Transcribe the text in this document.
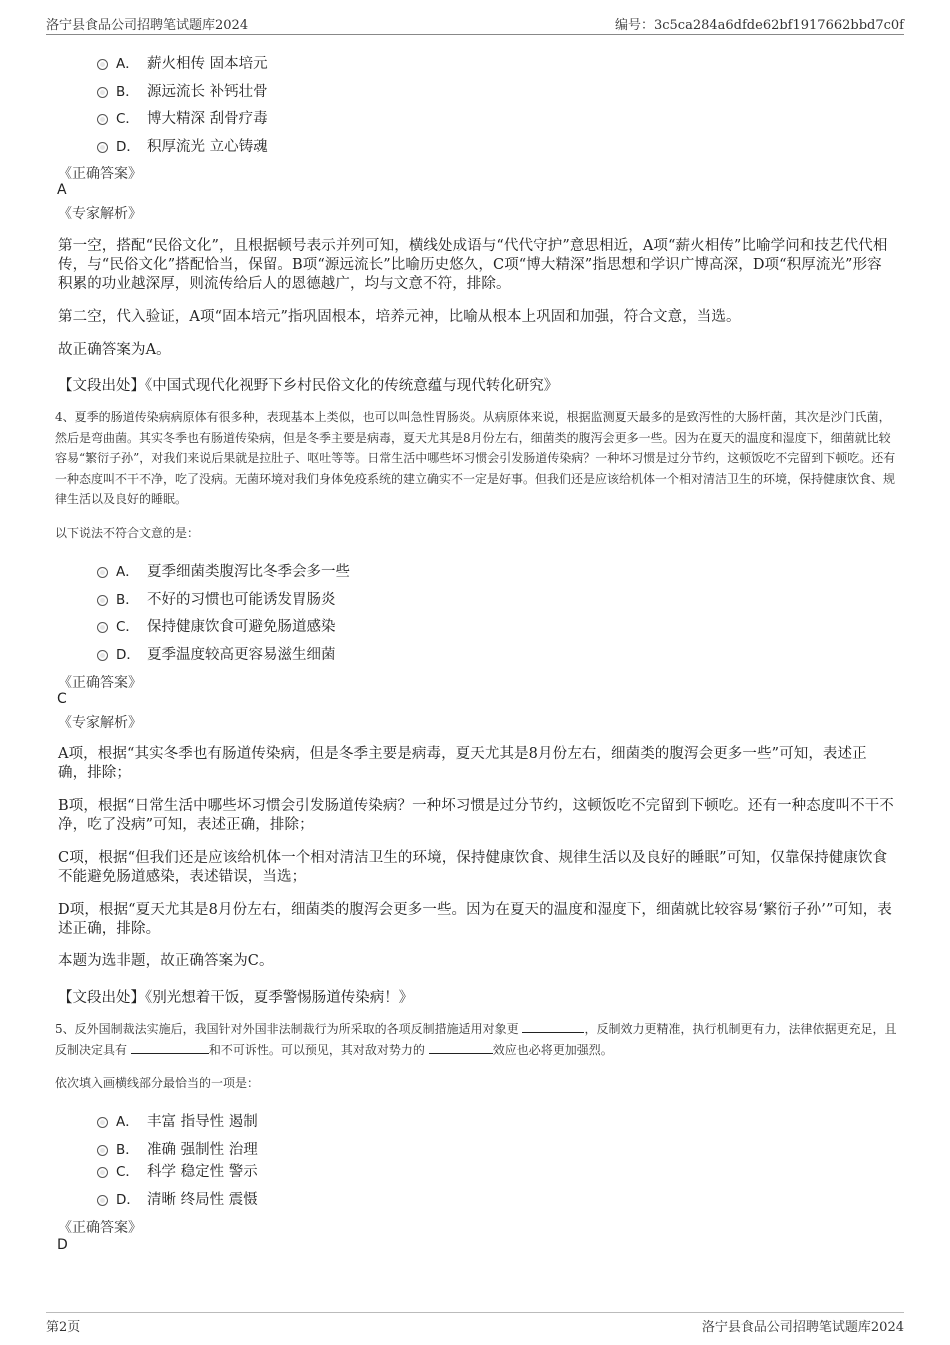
洛宁县食品公司招聘笔试题库2024	编号：3c5ca284a6dfde62bf1917662bbd7c0f
A． 薪火相传 固本培元
B． 源远流长 补钙壮骨
C． 博大精深 刮骨疗毒
D． 积厚流光 立心铸魂
《正确答案》
A
《专家解析》
第一空，搭配“民俗文化”，且根据顿号表示并列可知，横线处成语与“代代守护”意思相近，A项“薪火相传”比喻学问和技艺代代相传，与“民俗文化”搭配恰当，保留。B项“源远流长”比喻历史悠久，C项“博大精深”指思想和学识广博高深，D项“积厚流光”形容积累的功业越深厚，则流传给后人的恩德越广，均与文意不符，排除。
第二空，代入验证，A项“固本培元”指巩固根本，培养元神，比喻从根本上巩固和加强，符合文意，当选。
故正确答案为A。
【文段出处】《中国式现代化视野下乡村民俗文化的传统意蕴与现代转化研究》
4、夏季的肠道传染病病原体有很多种，表现基本上类似，也可以叫急性胃肠炎。从病原体来说，根据监测夏天最多的是致泻性的大肠杆菌，其次是沙门氏菌，然后是弯曲菌。其实冬季也有肠道传染病，但是冬季主要是病毒，夏天尤其是8月份左右，细菌类的腹泻会更多一些。因为在夏天的温度和湿度下，细菌就比较容易“繁衍子孙”，对我们来说后果就是拉肚子、呕吐等等。日常生活中哪些坏习惯会引发肠道传染病？一种坏习惯是过分节约，这顿饭吃不完留到下顿吃。还有一种态度叫不干不净，吃了没病。无菌环境对我们身体免疫系统的建立确实不一定是好事。但我们还是应该给机体一个相对清洁卫生的环境，保持健康饮食、规律生活以及良好的睡眠。
以下说法不符合文意的是：
A． 夏季细菌类腹泻比冬季会多一些
B． 不好的习惯也可能诱发胃肠炎
C． 保持健康饮食可避免肠道感染
D． 夏季温度较高更容易滋生细菌
《正确答案》
C
《专家解析》
A项，根据“其实冬季也有肠道传染病，但是冬季主要是病毒，夏天尤其是8月份左右，细菌类的腹泻会更多一些”可知，表述正确，排除；
B项，根据“日常生活中哪些坏习惯会引发肠道传染病？一种坏习惯是过分节约，这顿饭吃不完留到下顿吃。还有一种态度叫不干不净，吃了没病”可知，表述正确，排除；
C项，根据“但我们还是应该给机体一个相对清洁卫生的环境，保持健康饮食、规律生活以及良好的睡眠”可知，仅靠保持健康饮食不能避免肠道感染，表述错误，当选；
D项，根据“夏天尤其是8月份左右，细菌类的腹泻会更多一些。因为在夏天的温度和湿度下，细菌就比较容易‘繁衍子孙’”可知，表述正确，排除。
本题为选非题，故正确答案为C。
【文段出处】《别光想着干饭，夏季警惕肠道传染病！》
5、反外国制裁法实施后，我国针对外国非法制裁行为所采取的各项反制措施适用对象更	，反制效力更精准，执行机制更有力，法律依据更充足，且反制决定具有	和不可诉性。可以预见，其对敌对势力的	效应也必将更加强烈。
依次填入画横线部分最恰当的一项是：
A． 丰富 指导性 遏制
B． 准确 强制性 治理
C． 科学 稳定性 警示
D． 清晰 终局性 震慑
《正确答案》
D
第2页	洛宁县食品公司招聘笔试题库2024
